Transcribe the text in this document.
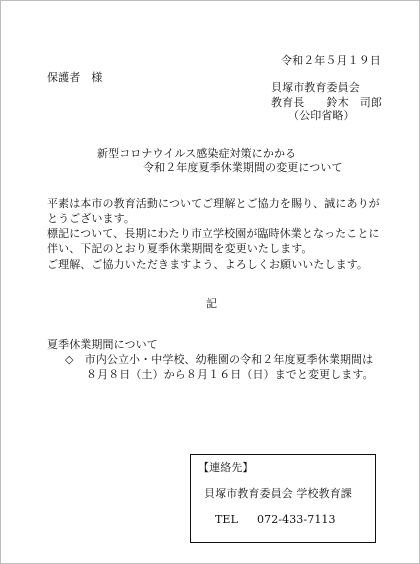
令和２年５月１９日
保護者　様
貝塚市教育委員会
教育長　　鈴木　司郎
（公印省略）
新型コロナウイルス感染症対策にかかる
令和２年度夏季休業期間の変更について
平素は本市の教育活動についてご理解とご協力を賜り、誠にありが
とうございます。
標記について、長期にわたり市立学校園が臨時休業となったことに
伴い、下記のとおり夏季休業期間を変更いたします。
ご理解、ご協力いただきますよう、よろしくお願いいたします。
記
夏季休業期間について
◇　市内公立小・中学校、幼稚園の令和２年度夏季休業期間は
８月８日（土）から８月１６日（日）までと変更します。
【連絡先】
貝塚市教育委員会 学校教育課
TEL 072-433-7113
